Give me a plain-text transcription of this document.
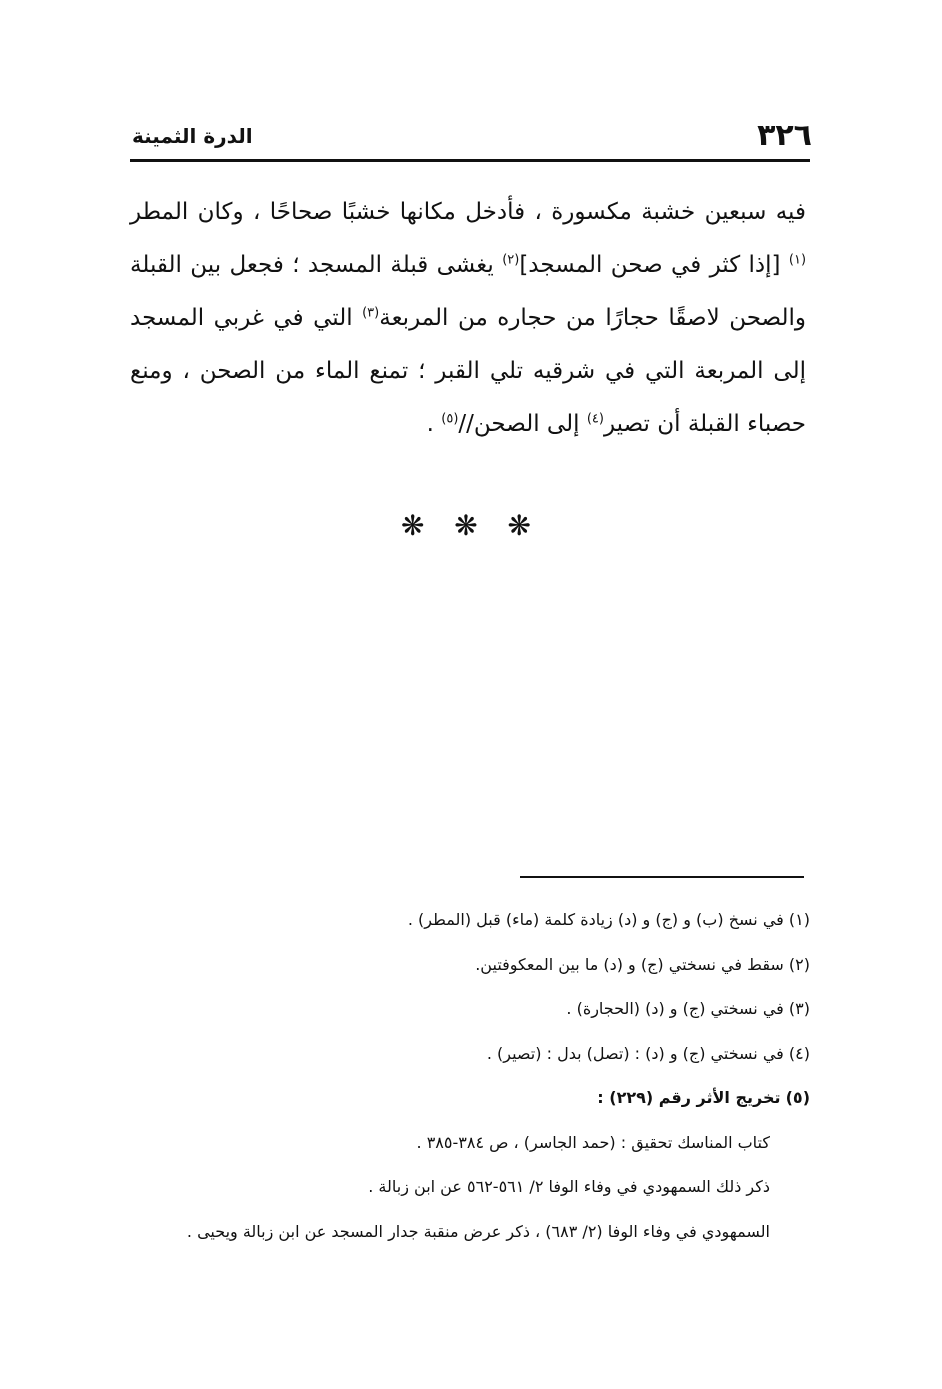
٣٢٦
الدرة الثمينة

فيه سبعين خشبة مكسورة ، فأدخل مكانها خشبًا صحاحًا ، وكان المطر $^{(١)}$ [إذا كثر في صحن المسجد]$^{(٢)}$ يغشى قبلة المسجد ؛ فجعل بين القبلة والصحن لاصقًا حجارًا من حجاره من المربعة$^{(٣)}$ التي في غربي المسجد إلى المربعة التي في شرقيه تلي القبر ؛ تمنع الماء من الصحن ، ومنع حصباء القبلة أن تصير$^{(٤)}$ إلى الصحن//$^{(٥)}$ .

❋ ❋ ❋
(١) في نسخ (ب) و (ج) و (د) زيادة كلمة (ماء) قبل (المطر) .
(٢) سقط في نسختي (ج) و (د) ما بين المعكوفتين.
(٣) في نسختي (ج) و (د) (الحجارة) .
(٤) في نسختي (ج) و (د) : (تصل) بدل : (تصير) .
(٥) تخريج الأثر رقم (٢٢٩) :
كتاب المناسك تحقيق : (حمد الجاسر) ، ص ٣٨٤-٣٨٥ .
ذكر ذلك السمهودي في وفاء الوفا ٢/ ٥٦١-٥٦٢ عن ابن زبالة .
السمهودي في وفاء الوفا (٢/ ٦٨٣) ، ذكر عرض منقبة جدار المسجد عن ابن زبالة ويحيى .
